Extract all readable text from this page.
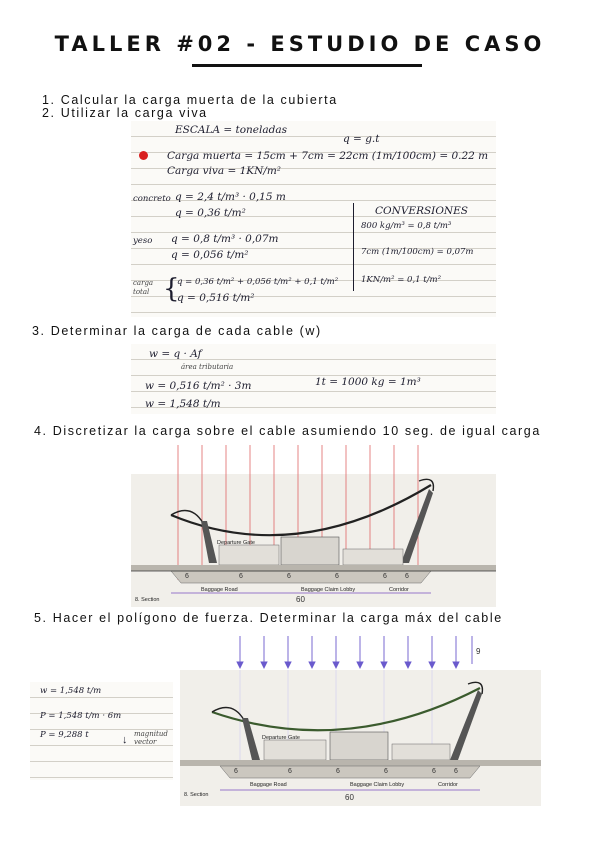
TALLER #02 - ESTUDIO DE CASO
1. Calcular la carga muerta de la cubierta
2. Utilizar la carga viva
ESCALA = toneladas
q = g.t
Carga muerta = 15cm + 7cm = 22cm (1m/100cm) = 0.22 m
Carga viva = 1KN/m²
concreto q = 2,4 t/m³ · 0,15 m
q = 0,36 t/m²
yeso q = 0,8 t/m³ · 0,07m
q = 0,056 t/m²
CONVERSIONES
800 kg/m³ = 0,8 t/m³
7cm (1m/100cm) = 0,07m
1KN/m² = 0,1 t/m²
carga total {
q = 0,36 t/m² + 0,056 t/m² + 0,1 t/m²
q = 0,516 t/m²
3. Determinar la carga de cada cable (w)
w = q · Af
área tributaria
w = 0,516 t/m² · 3m	1t = 1000 kg = 1m³
w = 1,548 t/m
4. Discretizar la carga sobre el cable asumiendo 10 seg. de igual carga
6	6	6	6	6	6
Departure Gate
Baggage Road	Baggage Claim Lobby	Corridor
8. Section	60
5. Hacer el polígono de fuerza. Determinar la carga máx del cable
w = 1,548 t/m
P = 1,548 t/m · 6m
P = 9,288 t	↓ magnitud vector
9
6	6	6	6	6	6
Departure Gate
Baggage Road	Baggage Claim Lobby	Corridor
8. Section	60
